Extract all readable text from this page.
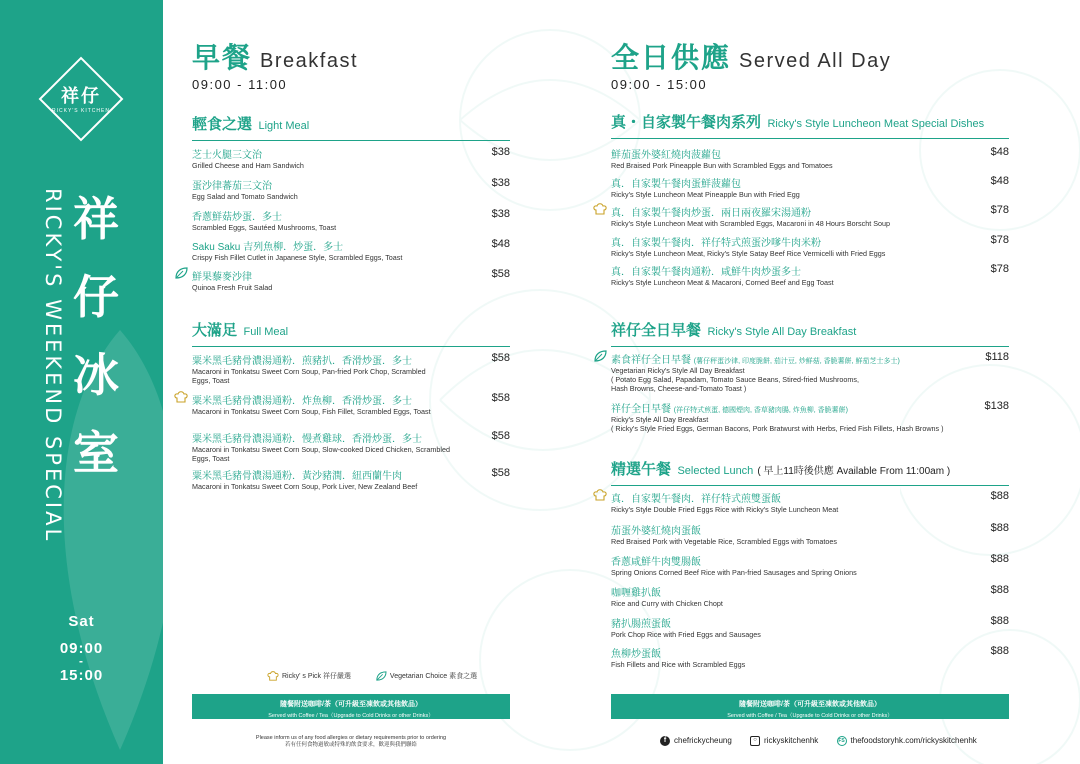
祥仔
RICKY'S KITCHEN
RICKY'S WEEKEND SPECIAL 祥
仔
冰
室
Sat
09:00
-
15:00
早餐 Breakfast
09:00 - 11:00
輕食之選 Light Meal
芝士火腿三文治
Grilled Cheese and Ham Sandwich
$38
蛋沙律蕃茄三文治
Egg Salad and Tomato Sandwich
$38
香蔥鮮菇炒蛋．多士
Scrambled Eggs, Sautéed Mushrooms, Toast
$38
Saku Saku 吉列魚柳．炒蛋．多士
Crispy Fish Fillet Cutlet in Japanese Style, Scrambled Eggs, Toast
$48
鮮果藜麥沙律
Quinoa Fresh Fruit Salad
$58
大滿足 Full Meal
粟米黑毛豬骨濃湯通粉．煎豬扒．香滑炒蛋．多士
Macaroni in Tonkatsu Sweet Corn Soup, Pan-fried Pork Chop, Scrambled Eggs, Toast
$58
粟米黑毛豬骨濃湯通粉．炸魚柳．香滑炒蛋．多士
Macaroni in Tonkatsu Sweet Corn Soup, Fish Fillet, Scrambled Eggs, Toast
$58
粟米黑毛豬骨濃湯通粉．慢煮雞球．香滑炒蛋．多士
Macaroni in Tonkatsu Sweet Corn Soup, Slow-cooked Diced Chicken, Scrambled Eggs, Toast
$58
粟米黑毛豬骨濃湯通粉．黃沙豬潤．紐西蘭牛肉
Macaroni in Tonkatsu Sweet Corn Soup, Pork Liver, New Zealand Beef
$58
Ricky' s Pick 祥仔嚴選	Vegetarian Choice 素食之選
隨餐附送咖啡/茶（可升級至凍飲或其他飲品）
Served with Coffee / Tea（Upgrade to Cold Drinks or other Drinks）
Please inform us of any food allergies or dietary requirements prior to ordering
若有任何食物過敏或特殊的飲食要求，歡迎與我們聯絡
全日供應 Served All Day
09:00 - 15:00
真・自家製午餐肉系列 Ricky's Style Luncheon Meat Special Dishes
鮮茄蛋外婆紅燒肉菠蘿包
Red Braised Pork Pineapple Bun with Scrambled Eggs and Tomatoes
$48
真．自家製午餐肉蛋鮮菠蘿包
Ricky's Style Luncheon Meat Pineapple Bun with Fried Egg
$48
真．自家製午餐肉炒蛋．兩日兩夜羅宋湯通粉
Ricky's Style Luncheon Meat with Scrambled Eggs, Macaroni in 48 Hours Borscht Soup
$78
真．自家製午餐肉．祥仔特式煎蛋沙嗲牛肉米粉
Ricky's Style Luncheon Meat, Ricky's Style Satay Beef Rice Vermicelli with Fried Eggs
$78
真．自家製午餐肉通粉．咸鮮牛肉炒蛋多士
Ricky's Style Luncheon Meat & Macaroni, Corned Beef and Egg Toast
$78
祥仔全日早餐 Ricky's Style All Day Breakfast
素食祥仔全日早餐 (薯仔秤蛋沙律, 印度脆餅, 茄汁豆, 炒鮮菇, 香脆薯餅, 鮮茄芝士多士)
Vegetarian Ricky's Style All Day Breakfast
( Potato Egg Salad, Papadam, Tomato Sauce Beans, Stired-fried Mushrooms,
Hash Browns, Cheese-and-Tomato Toast )
$118
祥仔全日早餐 (祥仔特式煎蛋, 德國煙肉, 香草豬肉腸, 炸魚柳, 香脆薯餅)
Ricky's Style All Day Breakfast
( Ricky's Style Fried Eggs, German Bacons, Pork Bratwurst with Herbs, Fried Fish Fillets, Hash Browns )
$138
精選午餐 Selected Lunch ( 早上11時後供應 Available From 11:00am )
真．自家製午餐肉．祥仔特式煎雙蛋飯
Ricky's Style Double Fried Eggs Rice with Ricky's Style Luncheon Meat
$88
茄蛋外婆紅燒肉蛋飯
Red Braised Pork with Vegetable Rice, Scrambled Eggs with Tomatoes
$88
香蔥咸鮮牛肉雙腸飯
Spring Onions Corned Beef Rice with Pan-fried Sausages and Spring Onions
$88
咖喱雞扒飯
Rice and Curry with Chicken Chopt
$88
豬扒腸煎蛋飯
Pork Chop Rice with Fried Eggs and Sausages
$88
魚柳炒蛋飯
Fish Fillets and Rice with Scrambled Eggs
$88
隨餐附送咖啡/茶（可升級至凍飲或其他飲品）
Served with Coffee / Tea（Upgrade to Cold Drinks or other Drinks）
f chefrickycheung	○ rickyskitchenhk	FS thefoodstoryhk.com/rickyskitchenhk
